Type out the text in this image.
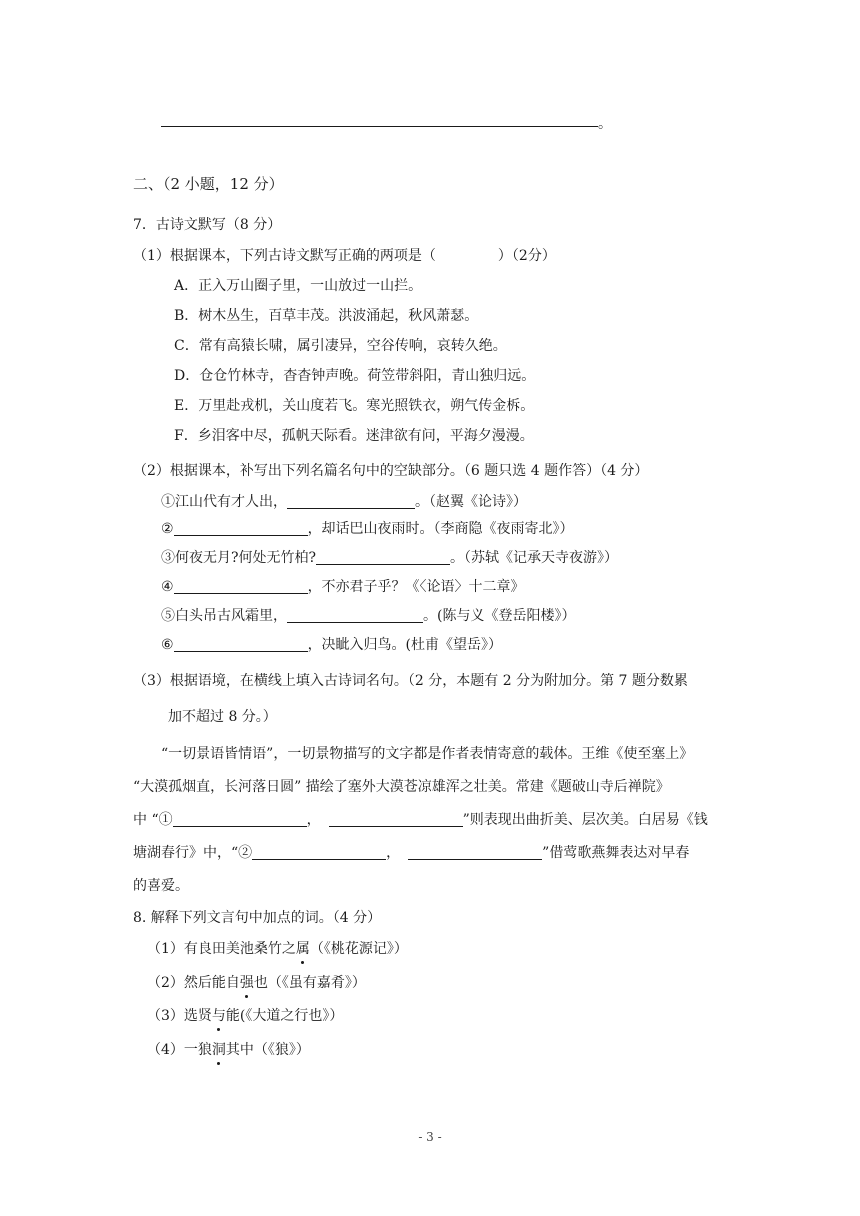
。
二、（2 小题，12 分）
7．古诗文默写（8 分）
（1）根据课本，下列古诗文默写正确的两项是（	）（2分）
A．正入万山圈子里，一山放过一山拦。
B．树木丛生，百草丰茂。洪波涌起，秋风萧瑟。
C．常有高猿长啸，属引凄异，空谷传响，哀转久绝。
D．仓仓竹林寺，杳杳钟声晚。荷笠带斜阳，青山独归远。
E．万里赴戎机，关山度若飞。寒光照铁衣，朔气传金柝。
F．乡泪客中尽，孤帆天际看。迷津欲有问，平海夕漫漫。
（2）根据课本，补写出下列名篇名句中的空缺部分。（6 题只选 4 题作答）（4 分）
①江山代有才人出，	。（赵翼《论诗》）
②	，却话巴山夜雨时。（李商隐《夜雨寄北》）
③何夜无月?何处无竹柏?	。（苏轼《记承天寺夜游》）
④	，不亦君子乎？《〈论语〉十二章》
⑤白头吊古风霜里，	。(陈与义《登岳阳楼》）
⑥	，决眦入归鸟。(杜甫《望岳》）
（3）根据语境，在横线上填入古诗词名句。（2 分，本题有 2 分为附加分。第 7 题分数累
加不超过 8 分。）
“一切景语皆情语”，一切景物描写的文字都是作者表情寄意的载体。王维《使至塞上》
“大漠孤烟直，长河落日圆” 描绘了塞外大漠苍凉雄浑之壮美。常建《题破山寺后禅院》
中 “①	，	”则表现出曲折美、层次美。白居易《钱
塘湖春行》中，“②	，	”借莺歌燕舞表达对早春
的喜爱。
8. 解释下列文言句中加点的词。（4 分）
（1）有良田美池桑竹之属（《桃花源记》）
（2）然后能自强也（《虽有嘉肴》）
（3）选贤与能(《大道之行也》）
（4）一狼洞其中（《狼》）
- 3 -
